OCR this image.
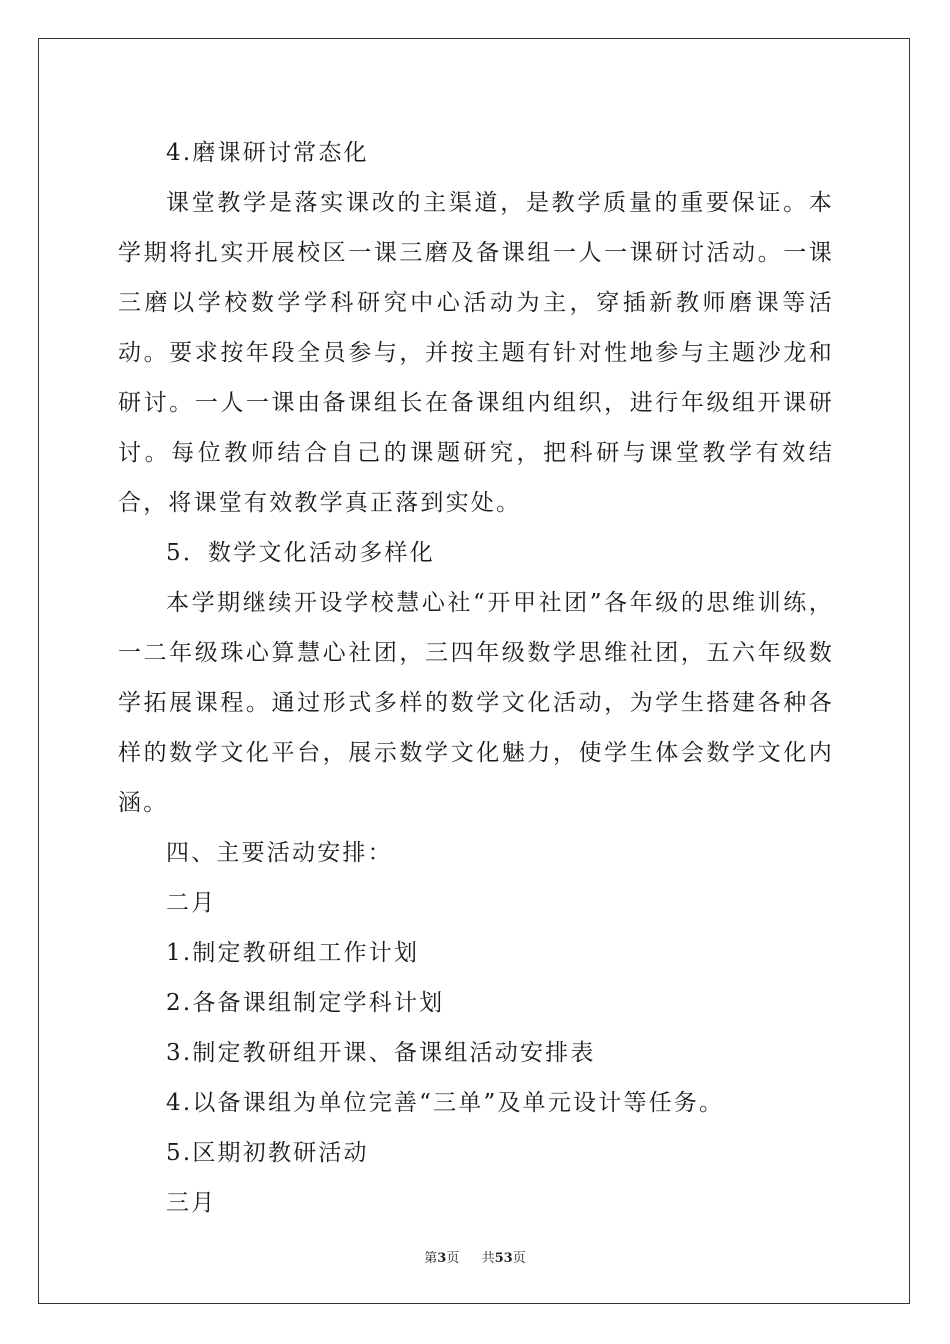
4.磨课研讨常态化

课堂教学是落实课改的主渠道，是教学质量的重要保证。本学期将扎实开展校区一课三磨及备课组一人一课研讨活动。一课三磨以学校数学学科研究中心活动为主，穿插新教师磨课等活动。要求按年段全员参与，并按主题有针对性地参与主题沙龙和研讨。一人一课由备课组长在备课组内组织，进行年级组开课研讨。每位教师结合自己的课题研究，把科研与课堂教学有效结合，将课堂有效教学真正落到实处。

5．数学文化活动多样化

本学期继续开设学校慧心社“开甲社团”各年级的思维训练，一二年级珠心算慧心社团，三四年级数学思维社团，五六年级数学拓展课程。通过形式多样的数学文化活动，为学生搭建各种各样的数学文化平台，展示数学文化魅力，使学生体会数学文化内涵。

四、主要活动安排：
二月
1.制定教研组工作计划
2.各备课组制定学科计划
3.制定教研组开课、备课组活动安排表
4.以备课组为单位完善“三单”及单元设计等任务。
5.区期初教研活动
三月
第3页 共53页
